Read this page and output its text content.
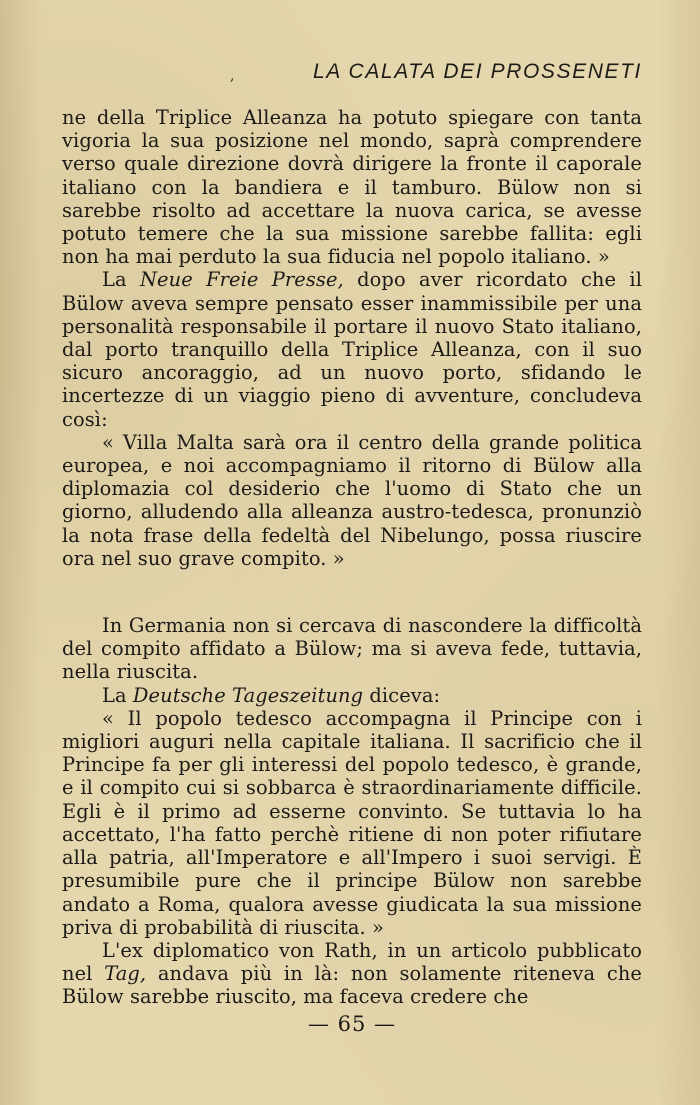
,	LA CALATA DEI PROSSENETI

ne della Triplice Alleanza ha potuto spiegare con tanta vigoria la sua posizione nel mondo, saprà comprendere verso quale direzione dovrà dirigere la fronte il caporale italiano con la bandiera e il tamburo. Bülow non si sarebbe risolto ad accettare la nuova carica, se avesse potuto temere che la sua missione sarebbe fallita: egli non ha mai perduto la sua fiducia nel popolo italiano. »

La Neue Freie Presse, dopo aver ricordato che il Bülow aveva sempre pensato esser inammissibile per una personalità responsabile il portare il nuovo Stato italiano, dal porto tranquillo della Triplice Alleanza, con il suo sicuro ancoraggio, ad un nuovo porto, sfidando le incertezze di un viaggio pieno di avventure, concludeva così:

« Villa Malta sarà ora il centro della grande politica europea, e noi accompagniamo il ritorno di Bülow alla diplomazia col desiderio che l'uomo di Stato che un giorno, alludendo alla alleanza austro-tedesca, pronunziò la nota frase della fedeltà del Nibelungo, possa riuscire ora nel suo grave compito. »

In Germania non si cercava di nascondere la difficoltà del compito affidato a Bülow; ma si aveva fede, tuttavia, nella riuscita.

La Deutsche Tageszeitung diceva:

« Il popolo tedesco accompagna il Principe con i migliori auguri nella capitale italiana. Il sacrificio che il Principe fa per gli interessi del popolo tedesco, è grande, e il compito cui si sobbarca è straordinariamente difficile. Egli è il primo ad esserne convinto. Se tuttavia lo ha accettato, l'ha fatto perchè ritiene di non poter rifiutare alla patria, all'Imperatore e all'Impero i suoi servigi. È presumibile pure che il principe Bülow non sarebbe andato a Roma, qualora avesse giudicata la sua missione priva di probabilità di riuscita. »

L'ex diplomatico von Rath, in un articolo pubblicato nel Tag, andava più in là: non solamente riteneva che Bülow sarebbe riuscito, ma faceva credere che

— 65 —
